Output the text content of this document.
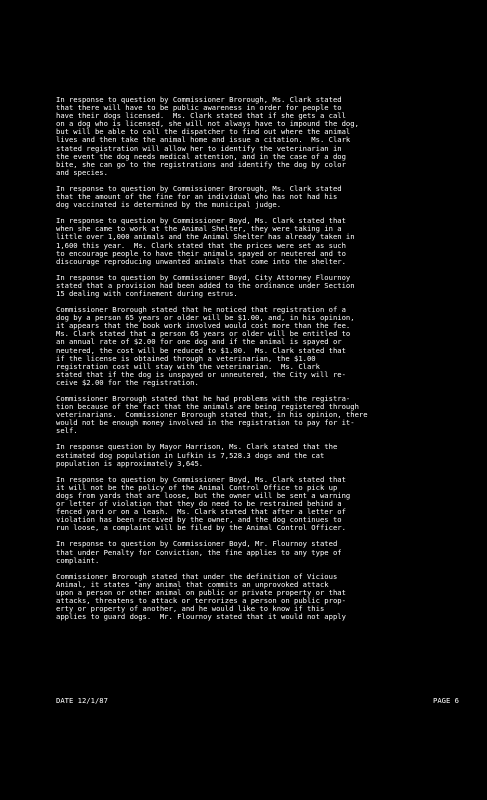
In response to question by Commissioner Brorough, Ms. Clark stated
that there will have to be public awareness in order for people to
have their dogs licensed.  Ms. Clark stated that if she gets a call
on a dog who is licensed, she will not always have to impound the dog,
but will be able to call the dispatcher to find out where the animal
lives and then take the animal home and issue a citation.  Ms. Clark
stated registration will allow her to identify the veterinarian in
the event the dog needs medical attention, and in the case of a dog
bite, she can go to the registrations and identify the dog by color
and species.

In response to question by Commissioner Brorough, Ms. Clark stated
that the amount of the fine for an individual who has not had his
dog vaccinated is determined by the municipal judge.

In response to question by Commissioner Boyd, Ms. Clark stated that
when she came to work at the Animal Shelter, they were taking in a
little over 1,000 animals and the Animal Shelter has already taken in
1,600 this year.  Ms. Clark stated that the prices were set as such
to encourage people to have their animals spayed or neutered and to
discourage reproducing unwanted animals that come into the shelter.

In response to question by Commissioner Boyd, City Attorney Flournoy
stated that a provision had been added to the ordinance under Section
15 dealing with confinement during estrus.

Commissioner Brorough stated that he noticed that registration of a
dog by a person 65 years or older will be $1.00, and, in his opinion,
it appears that the book work involved would cost more than the fee.
Ms. Clark stated that a person 65 years or older will be entitled to
an annual rate of $2.00 for one dog and if the animal is spayed or
neutered, the cost will be reduced to $1.00.  Ms. Clark stated that
if the license is obtained through a veterinarian, the $1.00
registration cost will stay with the veterinarian.  Ms. Clark
stated that if the dog is unspayed or unneutered, the City will re-
ceive $2.00 for the registration.

Commissioner Brorough stated that he had problems with the registra-
tion because of the fact that the animals are being registered through
veterinarians.  Commissioner Brorough stated that, in his opinion, there
would not be enough money involved in the registration to pay for it-
self.

In response question by Mayor Harrison, Ms. Clark stated that the
estimated dog population in Lufkin is 7,528.3 dogs and the cat
population is approximately 3,645.

In response to question by Commissioner Boyd, Ms. Clark stated that
it will not be the policy of the Animal Control Office to pick up
dogs from yards that are loose, but the owner will be sent a warning
or letter of violation that they do need to be restrained behind a
fenced yard or on a leash.  Ms. Clark stated that after a letter of
violation has been received by the owner, and the dog continues to
run loose, a complaint will be filed by the Animal Control Officer.

In response to question by Commissioner Boyd, Mr. Flournoy stated
that under Penalty for Conviction, the fine applies to any type of
complaint.

Commissioner Brorough stated that under the definition of Vicious
Animal, it states "any animal that commits an unprovoked attack
upon a person or other animal on public or private property or that
attacks, threatens to attack or terrorizes a person on public prop-
erty or property of another, and he would like to know if this
applies to guard dogs.  Mr. Flournoy stated that it would not apply

DATE 12/1/87

	PAGE 6
